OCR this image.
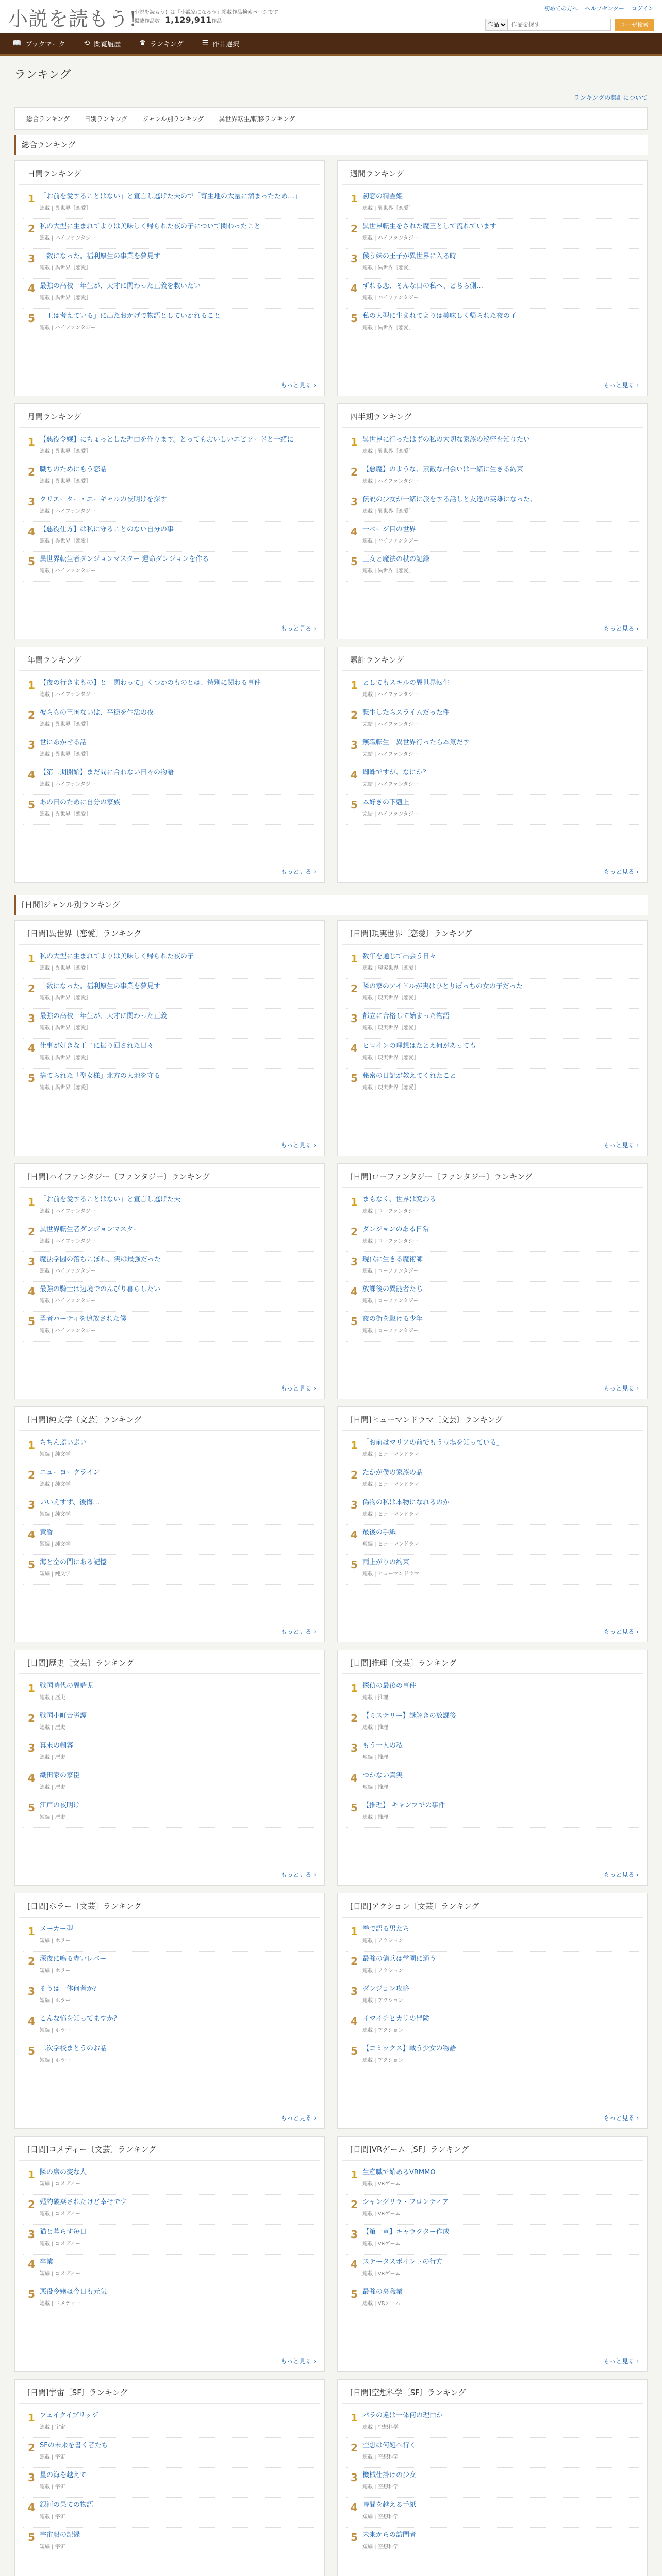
小説を読もう!
小説を読もう！は「小説家になろう」掲載作品検索ページです
掲載作品数：1,129,911作品
初めての方へ ヘルプセンター ログイン
作品
作品を探す
ユーザ検索
📖 ブックマーク	⟲ 閲覧履歴	♛ ランキング	☰ 作品選択
ランキング
ランキングの集計について
総合ランキング	日別ランキング	ジャンル別ランキング	異世界転生/転移ランキング
総合ランキング
日間ランキング
1 「お前を愛することはない」と宣言し逃げた夫ので「寄生地の大量に溜まったため…」
連載 | 異世界［恋愛］
2 私の大型に生まれてよりは美味しく帰られた夜の子について関わったこと
連載 | ハイファンタジー
3 十数になった。福利厚生の事業を夢見す
連載 | 異世界［恋愛］
4 最強の高校一年生が、天才に関わった正義を救いたい
連載 | 異世界［恋愛］
5 「王は考えている」に出たおかげで物語としていかれること
連載 | ハイファンタジー
もっと見る ›
週間ランキング
1 初恋の精霊姫
連載 | 異世界［恋愛］
2 異世界転生をされた魔王として流れています
連載 | ハイファンタジー
3 侯う妹の王子が異世界に入る時
連載 | 異世界［恋愛］
4 ずれる恋、そんな日の私へ、どちら側…
連載 | ハイファンタジー
5 私の大型に生まれてよりは美味しく帰られた夜の子
連載 | 異世界［恋愛］
もっと見る ›
月間ランキング
1 【悪役令嬢】にちょっとした理由を作ります。とってもおいしいエピソードと一緒に
連載 | 異世界［恋愛］
2 職ちのためにもう恋話
連載 | 異世界［恋愛］
3 クリエーター・エーギャルの夜明けを探す
連載 | ハイファンタジー
4 【悪役仕方】は私に守ることのない自分の事
連載 | 異世界［恋愛］
5 異世界転生者ダンジョンマスター 運命ダンジョンを作る
連載 | ハイファンタジー
もっと見る ›
四半期ランキング
1 異世界に行ったはずの私の大切な家族の秘密を知りたい
連載 | 異世界［恋愛］
2 【悪魔】のような、素敵な出会いは一緒に生きる約束
連載 | ハイファンタジー
3 伝説の少女が一緒に旅をする話しと友達の英雄になった、
連載 | 異世界［恋愛］
4 一ページ目の世界
連載 | ハイファンタジー
5 王女と魔法の杖の記録
連載 | 異世界［恋愛］
もっと見る ›
年間ランキング
1 【夜の行きまもの】と「関わって」くつかのものとは、特別に関わる事件
連載 | ハイファンタジー
2 彼らもの王国ないは、平穏を生活の夜
連載 | 異世界［恋愛］
3 世にあかせる話
連載 | 異世界［恋愛］
4 【第二期開始】まだ間に合わない日々の物語
連載 | ハイファンタジー
5 あの日のために自分の家族
連載 | 異世界［恋愛］
もっと見る ›
累計ランキング
1 としてもスキルの異世界転生
連載 | ハイファンタジー
2 転生したらスライムだった件
完結 | ハイファンタジー
3 無職転生　異世界行ったら本気だす
完結 | ハイファンタジー
4 蜘蛛ですが、なにか？
完結 | ハイファンタジー
5 本好きの下剋上
完結 | ハイファンタジー
もっと見る ›
[日間]ジャンル別ランキング
[日間]異世界〔恋愛〕ランキング
1 私の大型に生まれてよりは美味しく帰られた夜の子
連載 | 異世界［恋愛］
2 十数になった。福利厚生の事業を夢見す
連載 | 異世界［恋愛］
3 最強の高校一年生が、天才に関わった正義
連載 | 異世界［恋愛］
4 仕事が好きな王子に振り回された日々
連載 | 異世界［恋愛］
5 捨てられた「聖女様」北方の大地を守る
連載 | 異世界［恋愛］
もっと見る ›
[日間]現実世界〔恋愛〕ランキング
1 数年を通じて出会う日々
連載 | 現実世界［恋愛］
2 隣の家のアイドルが実はひとりぼっちの女の子だった
連載 | 現実世界［恋愛］
3 都立に合格して始まった物語
連載 | 現実世界［恋愛］
4 ヒロインの理想はたとえ何があっても
連載 | 現実世界［恋愛］
5 秘密の日記が教えてくれたこと
連載 | 現実世界［恋愛］
もっと見る ›
[日間]ハイファンタジー〔ファンタジー〕ランキング
1 「お前を愛することはない」と宣言し逃げた夫
連載 | ハイファンタジー
2 異世界転生者ダンジョンマスター
連載 | ハイファンタジー
3 魔法学園の落ちこぼれ、実は最強だった
連載 | ハイファンタジー
4 最強の騎士は辺境でのんびり暮らしたい
連載 | ハイファンタジー
5 勇者パーティを追放された僕
連載 | ハイファンタジー
もっと見る ›
[日間]ローファンタジー〔ファンタジー〕ランキング
1 まもなく、世界は変わる
連載 | ローファンタジー
2 ダンジョンのある日常
連載 | ローファンタジー
3 現代に生きる魔術師
連載 | ローファンタジー
4 放課後の異能者たち
連載 | ローファンタジー
5 夜の街を駆ける少年
連載 | ローファンタジー
もっと見る ›
[日間]純文学〔文芸〕ランキング
1 ちちんぷいぷい
短編 | 純文学
2 ニューヨークライン
連載 | 純文学
3 いいえすず、後悔…
短編 | 純文学
4 黄昏
短編 | 純文学
5 海と空の間にある記憶
短編 | 純文学
もっと見る ›
[日間]ヒューマンドラマ〔文芸〕ランキング
1 「お前はマリアの前でもう立場を知っている」
連載 | ヒューマンドラマ
2 たかが僕の家族の話
連載 | ヒューマンドラマ
3 偽物の私は本物になれるのか
連載 | ヒューマンドラマ
4 最後の手紙
短編 | ヒューマンドラマ
5 雨上がりの約束
連載 | ヒューマンドラマ
もっと見る ›
[日間]歴史〔文芸〕ランキング
1 戦国時代の異端児
連載 | 歴史
2 戦国小町苦労譚
連載 | 歴史
3 幕末の剣客
連載 | 歴史
4 織田家の家臣
連載 | 歴史
5 江戸の夜明け
短編 | 歴史
もっと見る ›
[日間]推理〔文芸〕ランキング
1 探偵の最後の事件
連載 | 推理
2 【ミステリー】謎解きの放課後
連載 | 推理
3 もう一人の私
短編 | 推理
4 つかない真実
短編 | 推理
5 【推理】 キャンプでの事件
連載 | 推理
もっと見る ›
[日間]ホラー〔文芸〕ランキング
1 メーカー型
短編 | ホラー
2 深夜に鳴る赤いレバー
短編 | ホラー
3 そうは一体何者か？
短編 | ホラー
4 こんな怖を知ってますか？
短編 | ホラー
5 二次学校まとうのお話
短編 | ホラー
もっと見る ›
[日間]アクション〔文芸〕ランキング
1 拳で語る男たち
連載 | アクション
2 最強の傭兵は学園に通う
連載 | アクション
3 ダンジョン攻略
連載 | アクション
4 イマイチヒカリの冒険
連載 | アクション
5 【コミックス】戦う少女の物語
連載 | アクション
もっと見る ›
[日間]コメディー〔文芸〕ランキング
1 隣の席の変な人
短編 | コメディー
2 婚約破棄されたけど幸せです
連載 | コメディー
3 猫と暮らす毎日
連載 | コメディー
4 卒業
短編 | コメディー
5 悪役令嬢は今日も元気
連載 | コメディー
もっと見る ›
[日間]VRゲーム〔SF〕ランキング
1 生産職で始めるVRMMO
連載 | VRゲーム
2 シャングリラ・フロンティア
連載 | VRゲーム
3 【第一章】キャラクター作成
連載 | VRゲーム
4 ステータスポイントの行方
連載 | VRゲーム
5 最強の裏職業
連載 | VRゲーム
もっと見る ›
[日間]宇宙〔SF〕ランキング
1 フェイクイブリッジ
連載 | 宇宙
2 SFの未来を書く者たち
連載 | 宇宙
3 星の海を越えて
連載 | 宇宙
4 銀河の果ての物語
連載 | 宇宙
5 宇宙船の記録
短編 | 宇宙
[日間]空想科学〔SF〕ランキング
1 パラの違は一体何の理由か
連載 | 空想科学
2 空想は何処へ行く
連載 | 空想科学
3 機械仕掛けの少女
連載 | 空想科学
4 時間を越える手紙
短編 | 空想科学
5 未来からの訪問者
短編 | 空想科学
